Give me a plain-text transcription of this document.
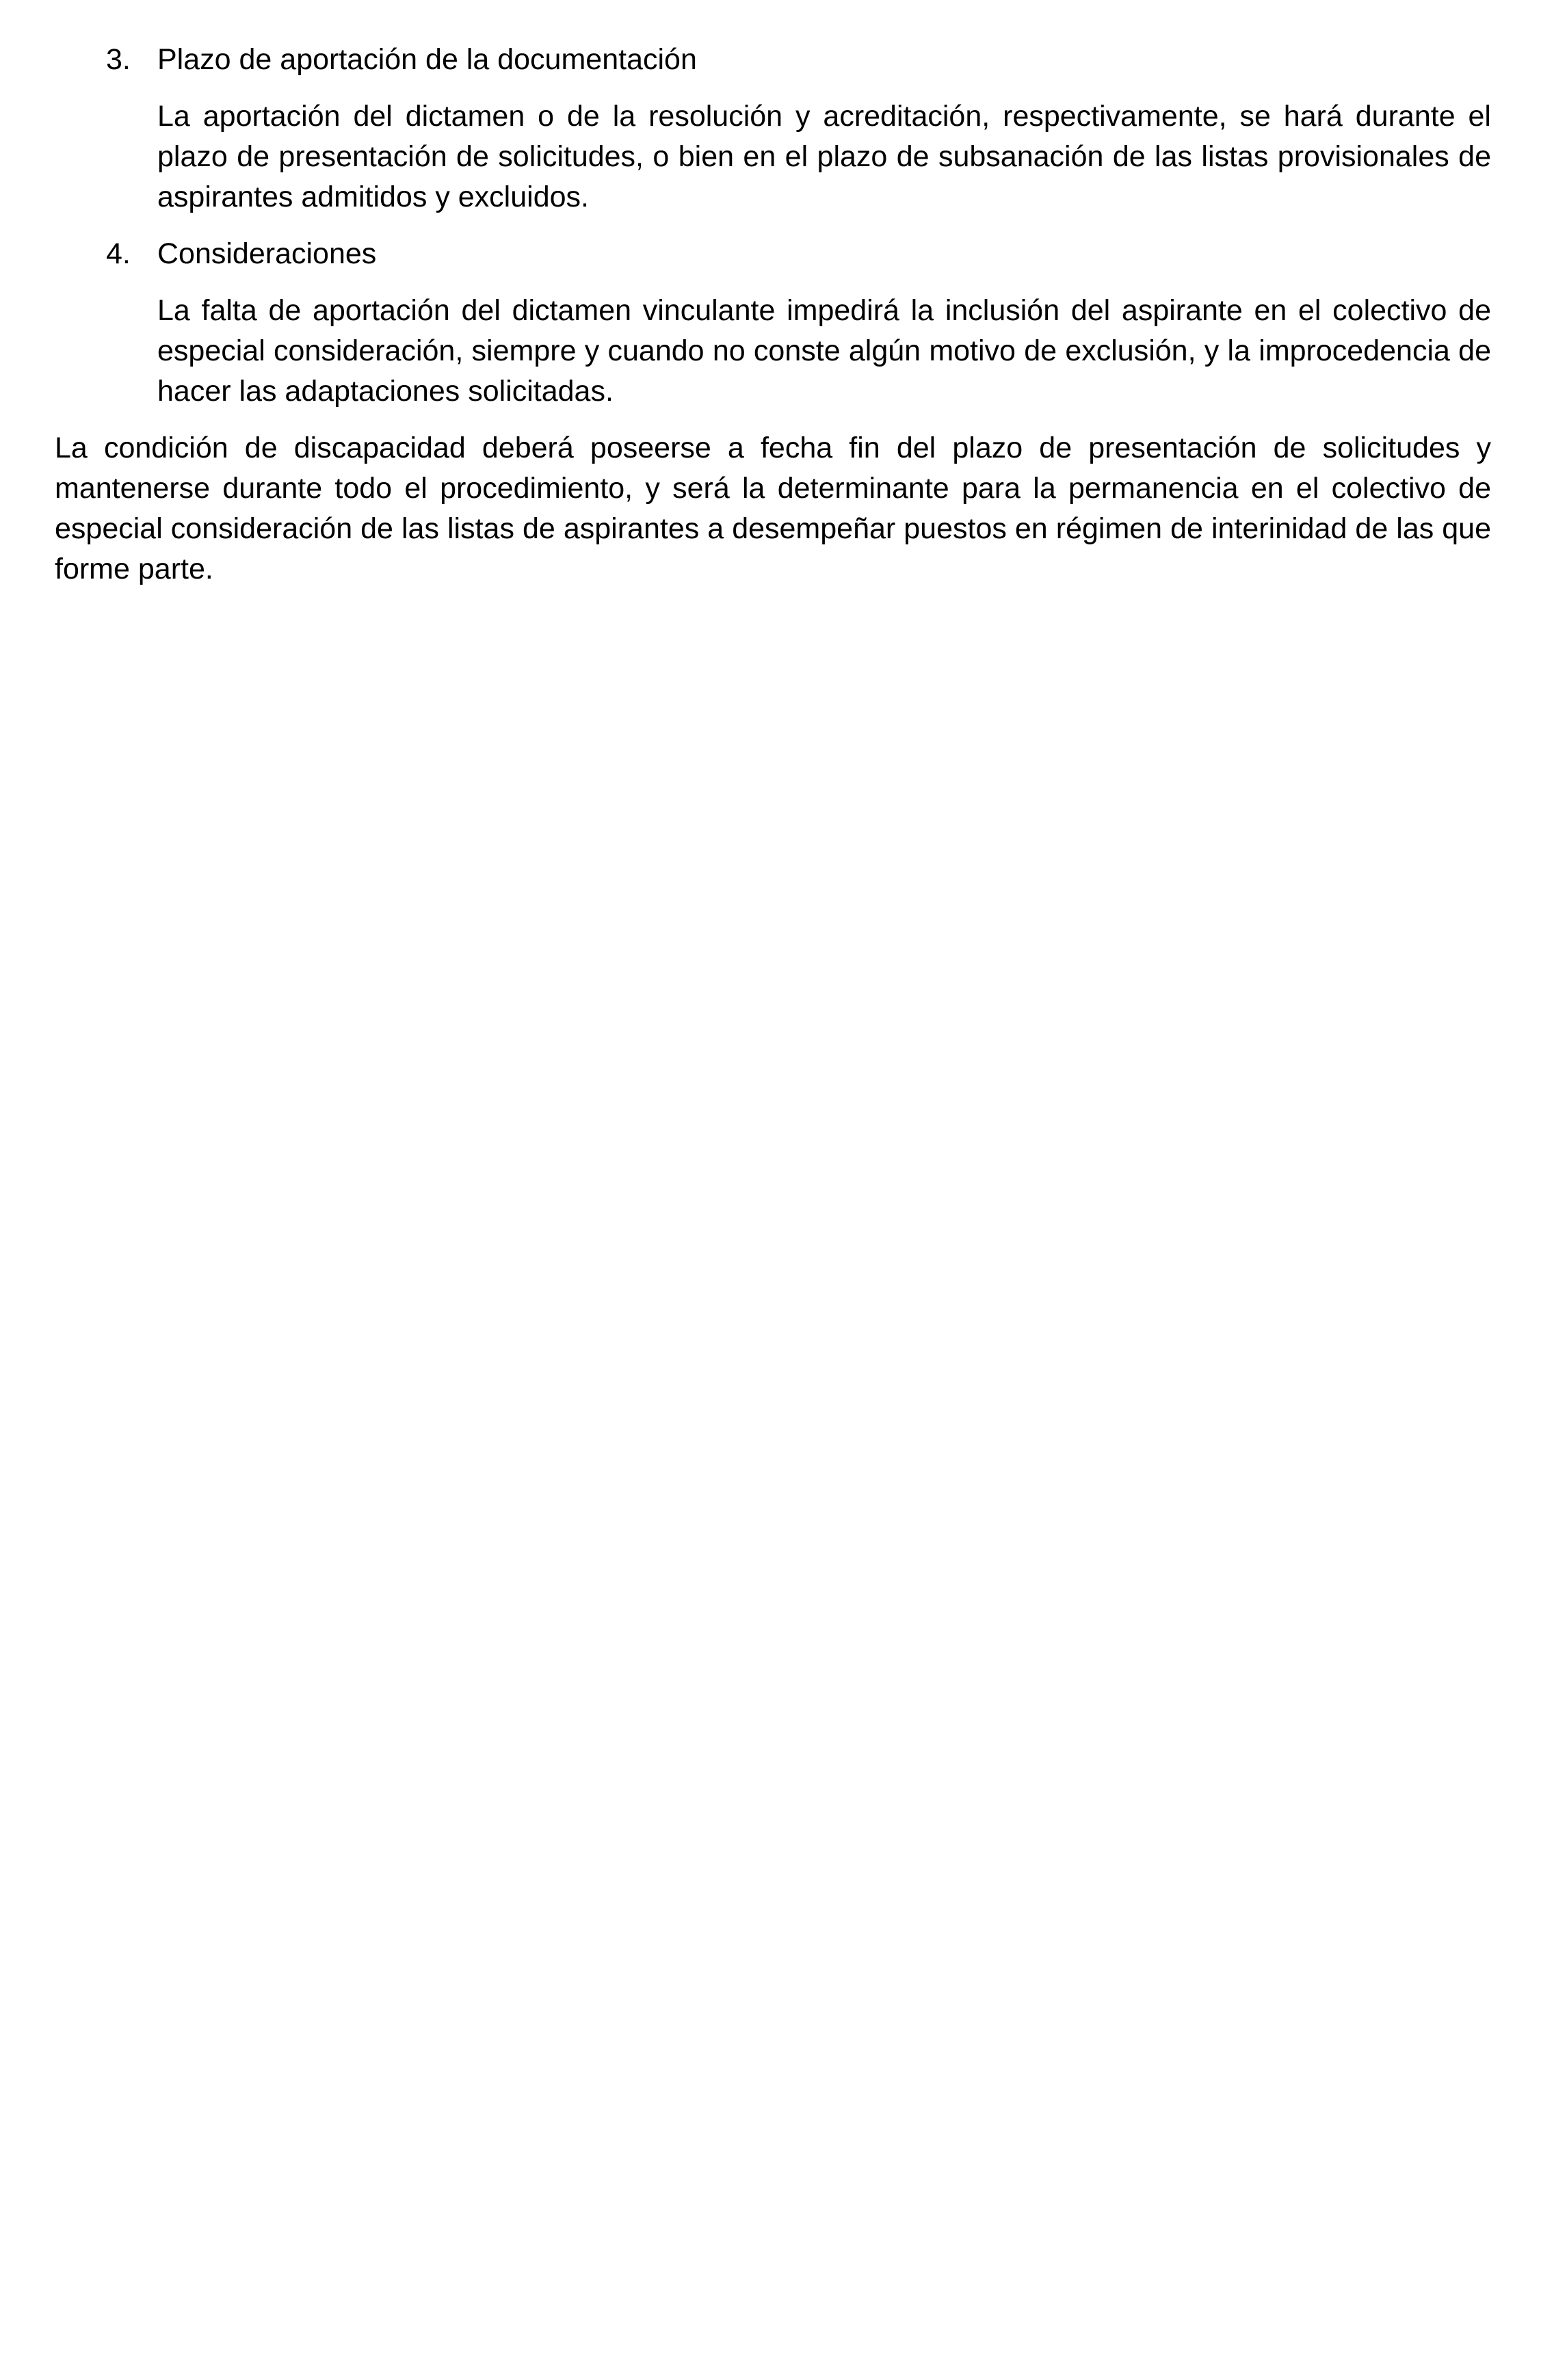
3. Plazo de aportación de la documentación

La aportación del dictamen o de la resolución y acreditación, respectivamente, se hará durante el plazo de presentación de solicitudes, o bien en el plazo de subsanación de las listas provisionales de aspirantes admitidos y excluidos.

4. Consideraciones

La falta de aportación del dictamen vinculante impedirá la inclusión del aspirante en el colectivo de especial consideración, siempre y cuando no conste algún motivo de exclusión, y la improcedencia de hacer las adaptaciones solicitadas.

La condición de discapacidad deberá poseerse a fecha fin del plazo de presentación de solicitudes y mantenerse durante todo el procedimiento, y será la determinante para la permanencia en el colectivo de especial consideración de las listas de aspirantes a desempeñar puestos en régimen de interinidad de las que forme parte.
